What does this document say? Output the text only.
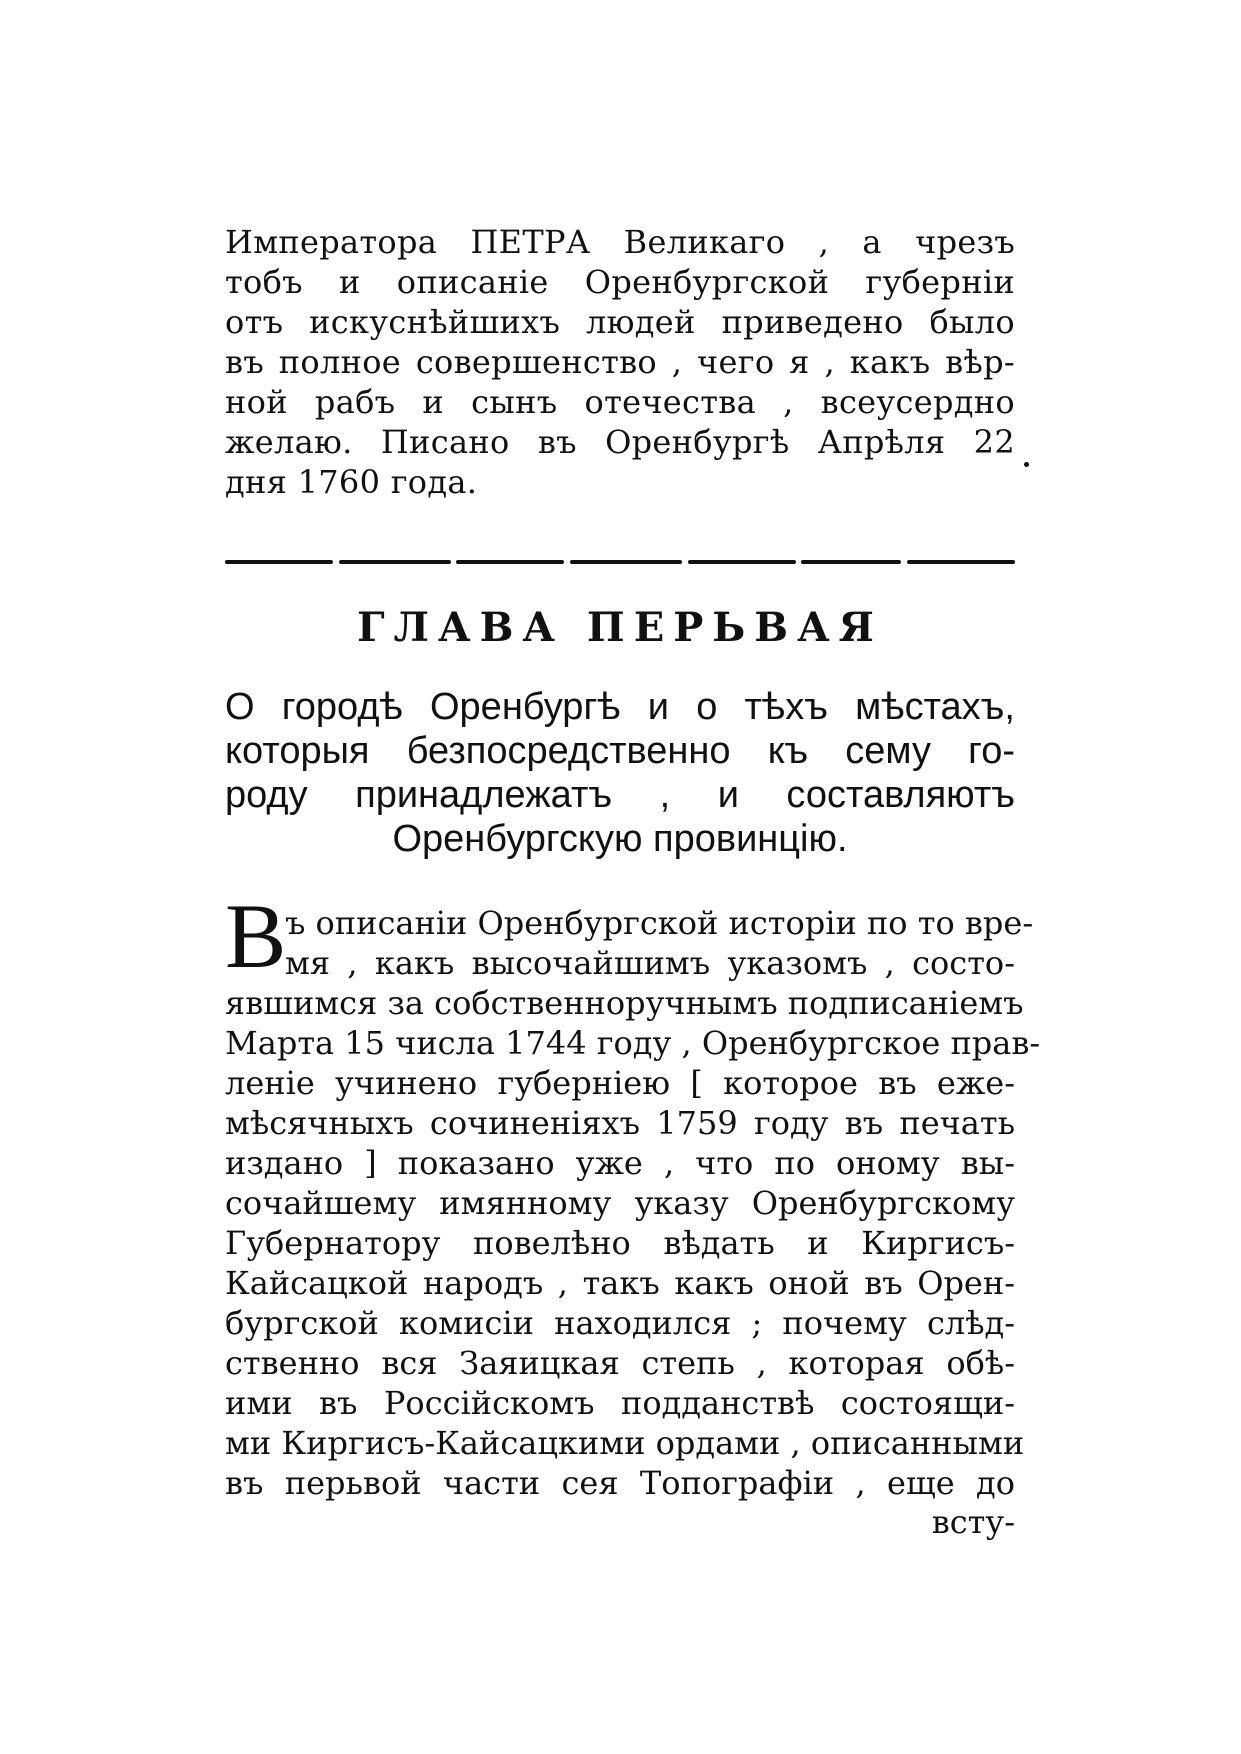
Императора ПЕТРА Великаго , а чрезъ
тобъ и описаніе Оренбургской губерніи
отъ искуснѣйшихъ людей приведено было
въ полное совершенство , чего я , какъ вѣр-
ной рабъ и сынъ отечества , всеусердно
желаю. Писано въ Оренбургѣ Апрѣля 22
дня 1760 года.
ГЛАВА ПЕРЬВАЯ
О городѣ Оренбургѣ и о тѣхъ мѣстахъ,
которыя безпосредственно къ сему го-
роду принадлежатъ , и составляютъ
Оренбургскую провинцію.
В
ъ описаніи Оренбургской исторіи по то вре-
мя , какъ высочайшимъ указомъ , состо-
явшимся за собственноручнымъ подписаніемъ
Марта 15 числа 1744 году , Оренбургское прав-
леніе учинено губерніею [ которое въ еже-
мѣсячныхъ сочиненіяхъ 1759 году въ печать
издано ] показано уже , что по оному вы-
сочайшему имянному указу Оренбургскому
Губернатору повелѣно вѣдать и Киргисъ-
Кайсацкой народъ , такъ какъ оной въ Орен-
бургской комисіи находился ; почему слѣд-
ственно вся Заяицкая степь , которая обѣ-
ими въ Россійскомъ подданствѣ состоящи-
ми Киргисъ-Кайсацкими ордами , описанными
въ перьвой части сея Топографіи , еще до
всту-
